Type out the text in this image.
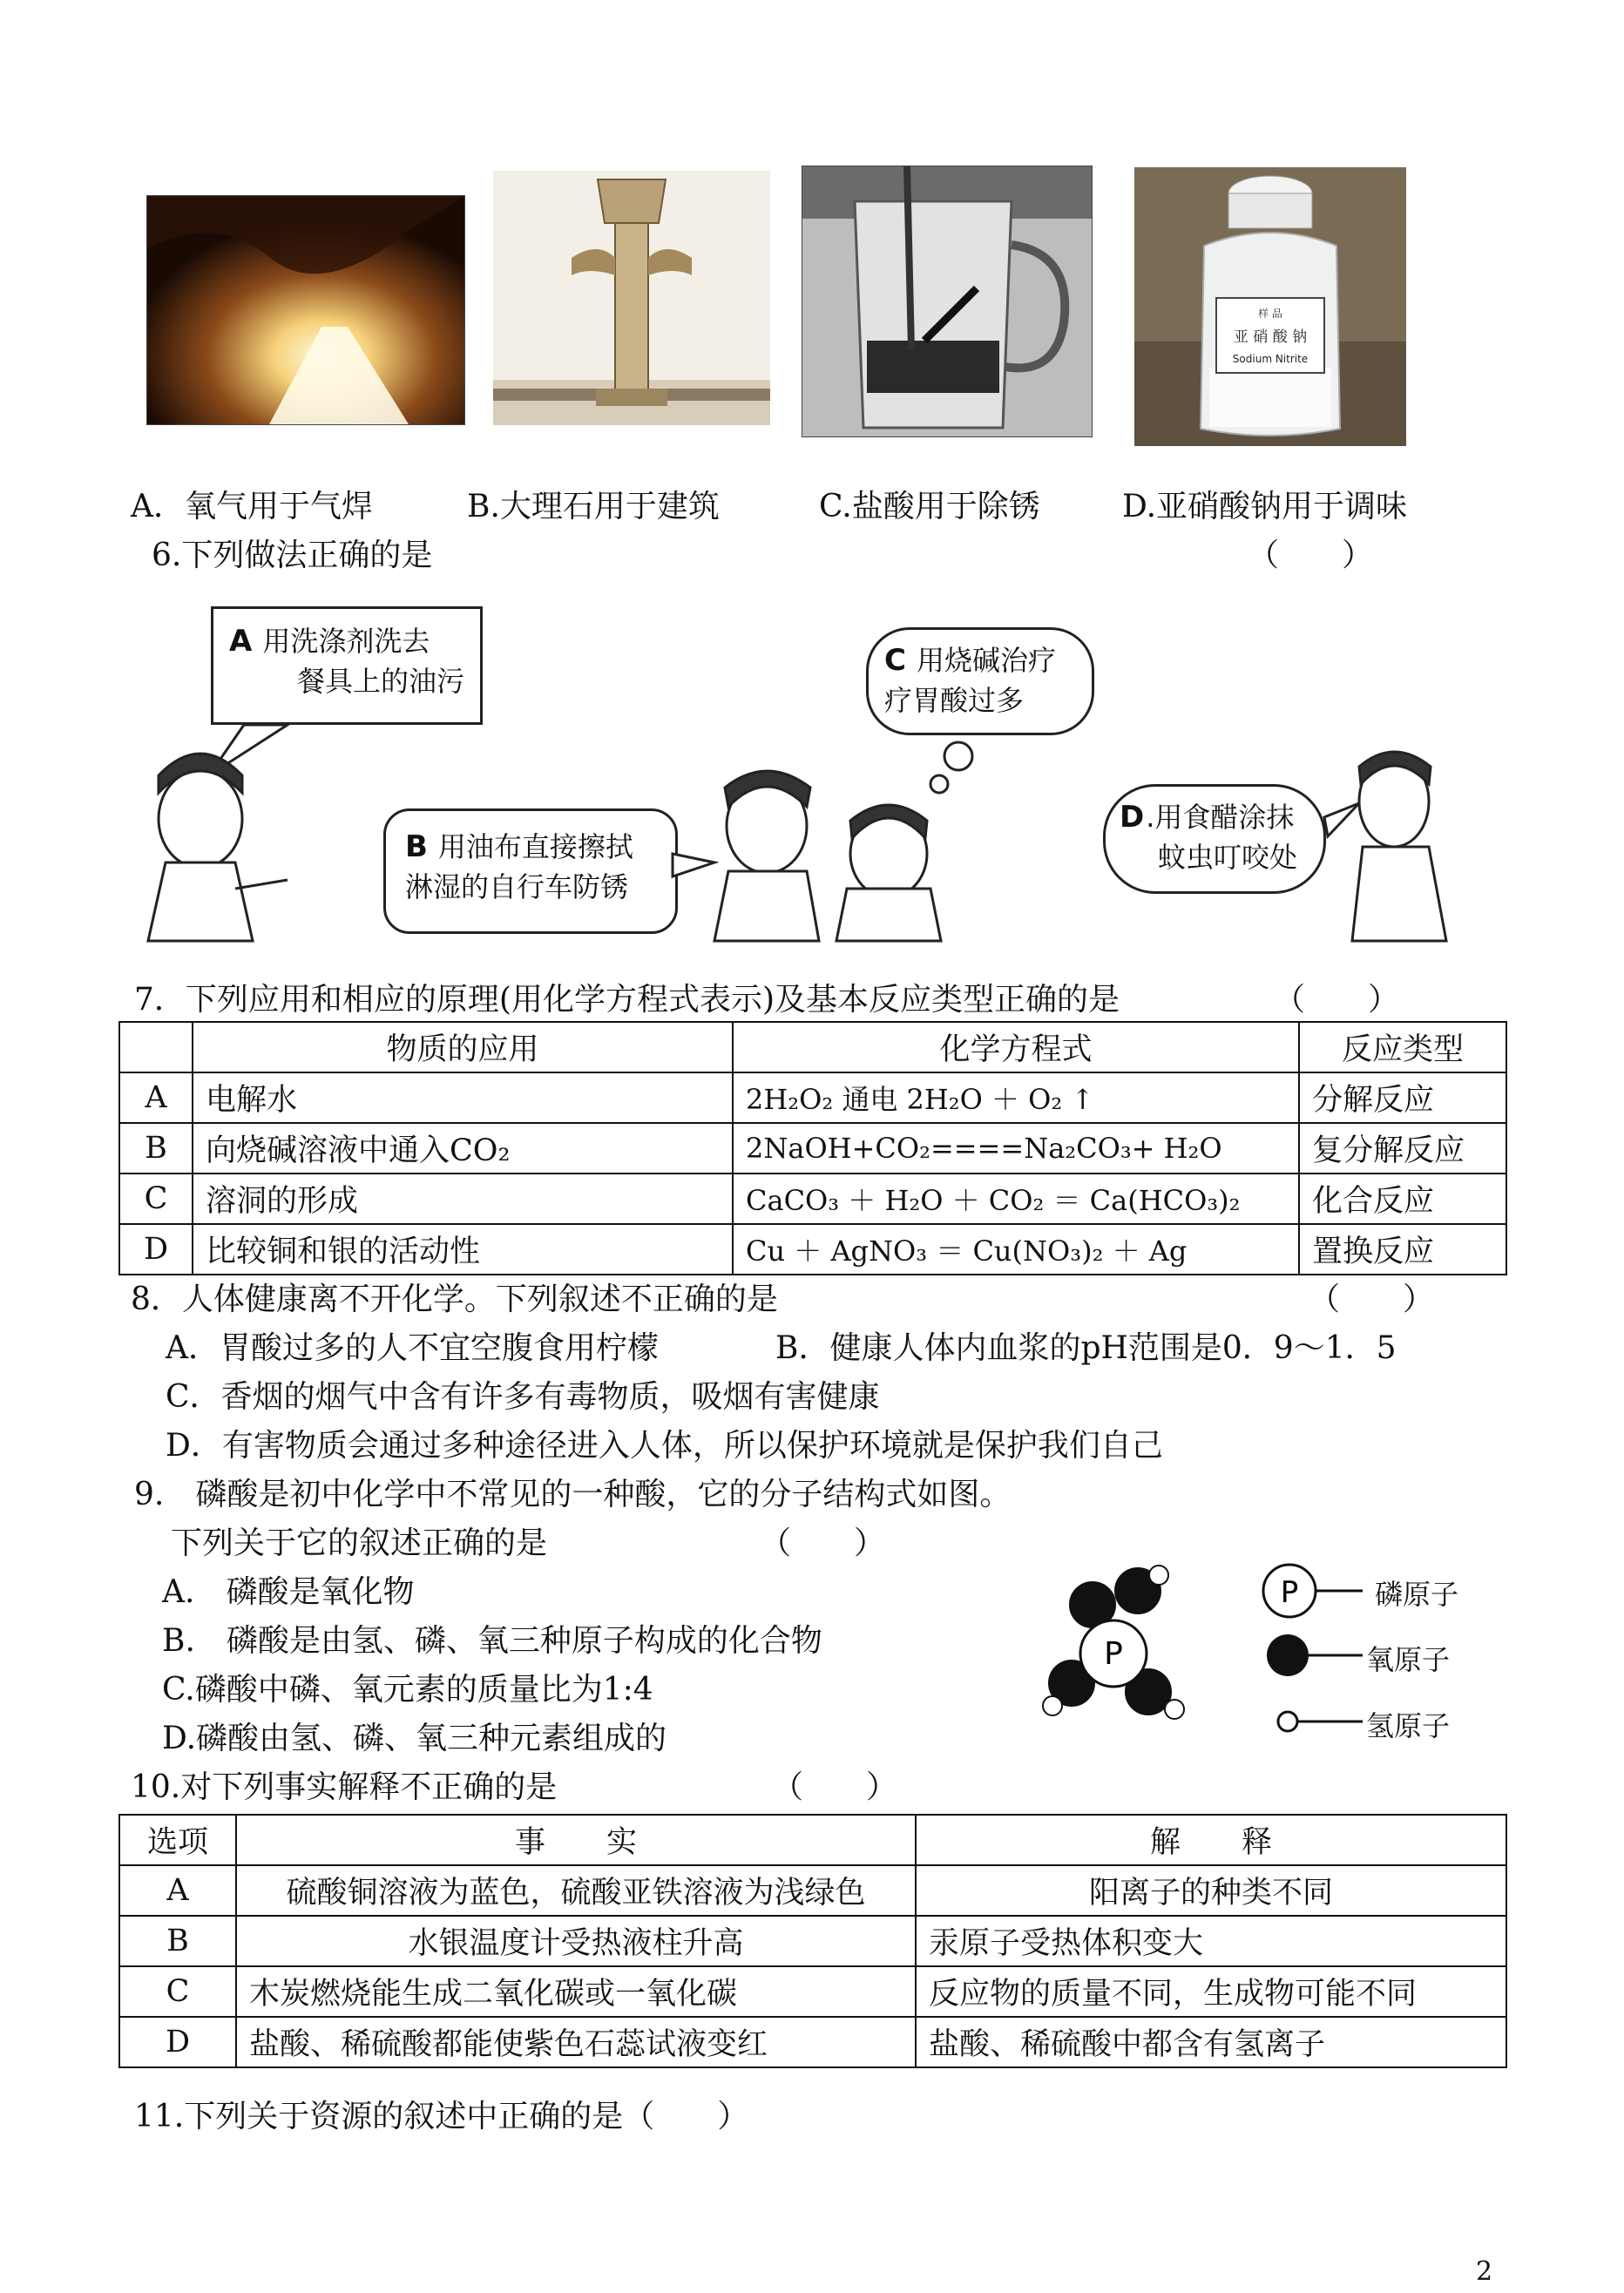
样 品
亚 硝 酸 钠
Sodium Nitrite
A．氧气用于气焊	B.大理石用于建筑	C.盐酸用于除锈	D.亚硝酸钠用于调味
6.下列做法正确的是	（　　）
A 用洗涤剂洗去
餐具上的油污
B 用油布直接擦拭
淋湿的自行车防锈
C 用烧碱治疗
疗胃酸过多
D.用食醋涂抹
蚊虫叮咬处
7．下列应用和相应的原理(用化学方程式表示)及基本反应类型正确的是	（　　）
	物质的应用	化学方程式	反应类型
A	电解水	2H₂O₂ 通电 2H₂O ＋ O₂ ↑	分解反应
B	向烧碱溶液中通入CO₂	2NaOH+CO₂====Na₂CO₃+ H₂O	复分解反应
C	溶洞的形成	CaCO₃ ＋ H₂O ＋ CO₂ ＝ Ca(HCO₃)₂	化合反应
D	比较铜和银的活动性	Cu ＋ AgNO₃ ＝ Cu(NO₃)₂ ＋ Ag	置换反应
8．人体健康离不开化学。下列叙述不正确的是	（　　）
A．胃酸过多的人不宜空腹食用柠檬	B．健康人体内血浆的pH范围是0．9～1．5
C．香烟的烟气中含有许多有毒物质，吸烟有害健康
D．有害物质会通过多种途径进入人体，所以保护环境就是保护我们自己
9.　磷酸是初中化学中不常见的一种酸，它的分子结构式如图。
下列关于它的叙述正确的是	（　　）
A.　磷酸是氧化物
B.　磷酸是由氢、磷、氧三种原子构成的化合物
C.磷酸中磷、氧元素的质量比为1:4
D.磷酸由氢、磷、氧三种元素组成的
P
P	磷原子
氧原子
氢原子
10.对下列事实解释不正确的是	（　　）
选项	事　　实	解　　释
A	硫酸铜溶液为蓝色，硫酸亚铁溶液为浅绿色	阳离子的种类不同
B	水银温度计受热液柱升高	汞原子受热体积变大
C	木炭燃烧能生成二氧化碳或一氧化碳	反应物的质量不同，生成物可能不同
D	盐酸、稀硫酸都能使紫色石蕊试液变红	盐酸、稀硫酸中都含有氢离子
11.下列关于资源的叙述中正确的是（　　）
2
